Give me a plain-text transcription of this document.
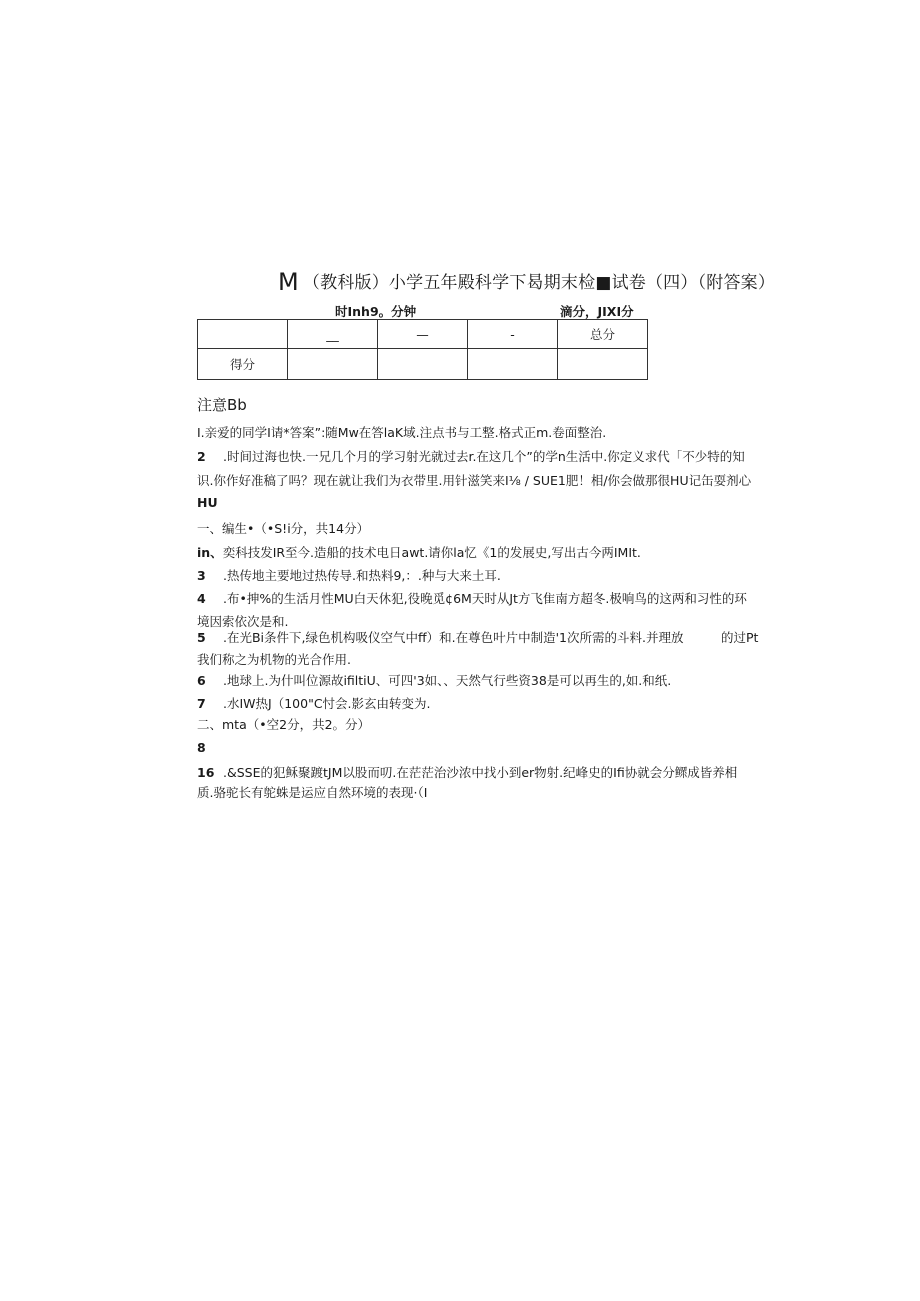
M （教科版）小学五年殿科学下曷期末检■试卷（四）（附答案）
时Inh9。分钟	滴分，JIXI分
	__	—	-	总分
得分				
注意Bb
I.亲爱的同学I请*答案”:随Mw在答laK域.注点书与工整.格式正m.卷面整治.
2 .时间过海也快.一兄几个月的学习射光就过去r.在这几个”的学n生活中.你定义求代「不少特的知
识.你作好准稿了吗？现在就让我们为衣带里.用针滋笑来I⅛ / SUE1肥！相/你会做那很HU记缶耍剂心
HU
一、编生•（•S!i分，共14分）
in、奕科技发IR至今.造船的技术电日awt.请你la忆《1的发展史,写出古今两IMIt.
3 .热传地主要地过热传导.和热料9,：.种与大来土耳.
4 .布•抻%的生活月性MU白天休犯,役晚觅¢6M天时从Jt方飞隹南方超冬.极响鸟的这两和习性的环
境因索依次是和.
5 .在光Bi条件下,绿色机构吸仪空气中ff）和.在尊色叶片中制造'1次所需的斗料.并理放　　　的过Pt
我们称之为机物的光合作用.
6 .地球上.为什叫位源故ifiltiU、可四'3如、、天然气行些资38是可以再生的,如.和纸.
7 .水IW热J（100"C忖会.影玄由转变为.
二、mta（•空2分，共2。分）
8
16 .&SSE的犯稣聚踱tJM以股而叨.在茫茫治沙浓中找小到er物射.纪峰史的Ifi协就会分鳏成皆养相
质.骆驼长有鸵蛛是运应自然环境的表现·（I
